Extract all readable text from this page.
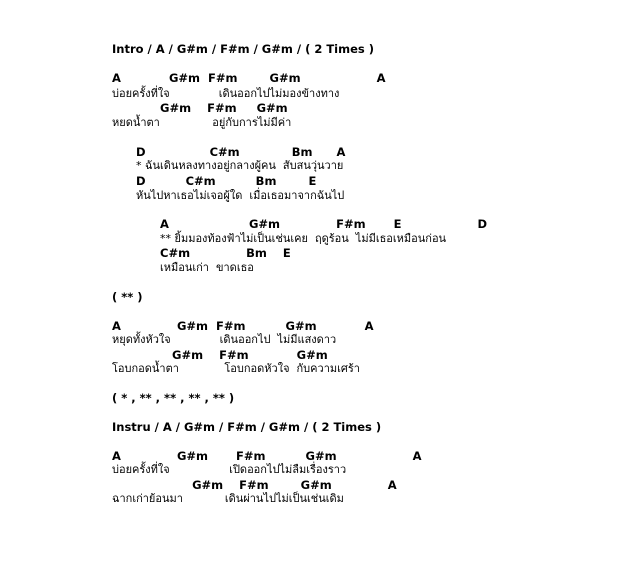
Intro / A / G#m / F#m / G#m / ( 2 Times )
A            G#m  F#m        G#m                   A
บ่อยครั้งที่ใจ              เดินออกไปไม่มองข้างทาง
G#m    F#m     G#m
หยดน้ำตา               อยู่กับการไม่มีค่า
D                C#m             Bm      A
* ฉันเดินหลงทางอยู่กลางผู้คน  สับสนวุ่นวาย
D          C#m          Bm        E
หันไปหาเธอไม่เจอผู้ใด  เมื่อเธอมาจากฉันไป
A                    G#m              F#m       E                   D
** ยิ้มมองท้องฟ้าไม่เป็นเช่นเคย  ฤดูร้อน  ไม่มีเธอเหมือนก่อน
C#m              Bm    E
เหมือนเก่า  ขาดเธอ
( ** )
A              G#m  F#m          G#m            A
หยุดทั้งหัวใจ              เดินออกไป  ไม่มีแสงดาว
G#m    F#m            G#m
โอบกอดน้ำตา             โอบกอดหัวใจ  กับความเศร้า
( * , ** , ** , ** , ** )
Instru / A / G#m / F#m / G#m / ( 2 Times )
A              G#m       F#m          G#m                   A
บ่อยครั้งที่ใจ                 เปิดออกไปไม่ลืมเรื่องราว
G#m    F#m        G#m              A
ฉากเก่าย้อนมา            เดินผ่านไปไม่เป็นเช่นเดิม
